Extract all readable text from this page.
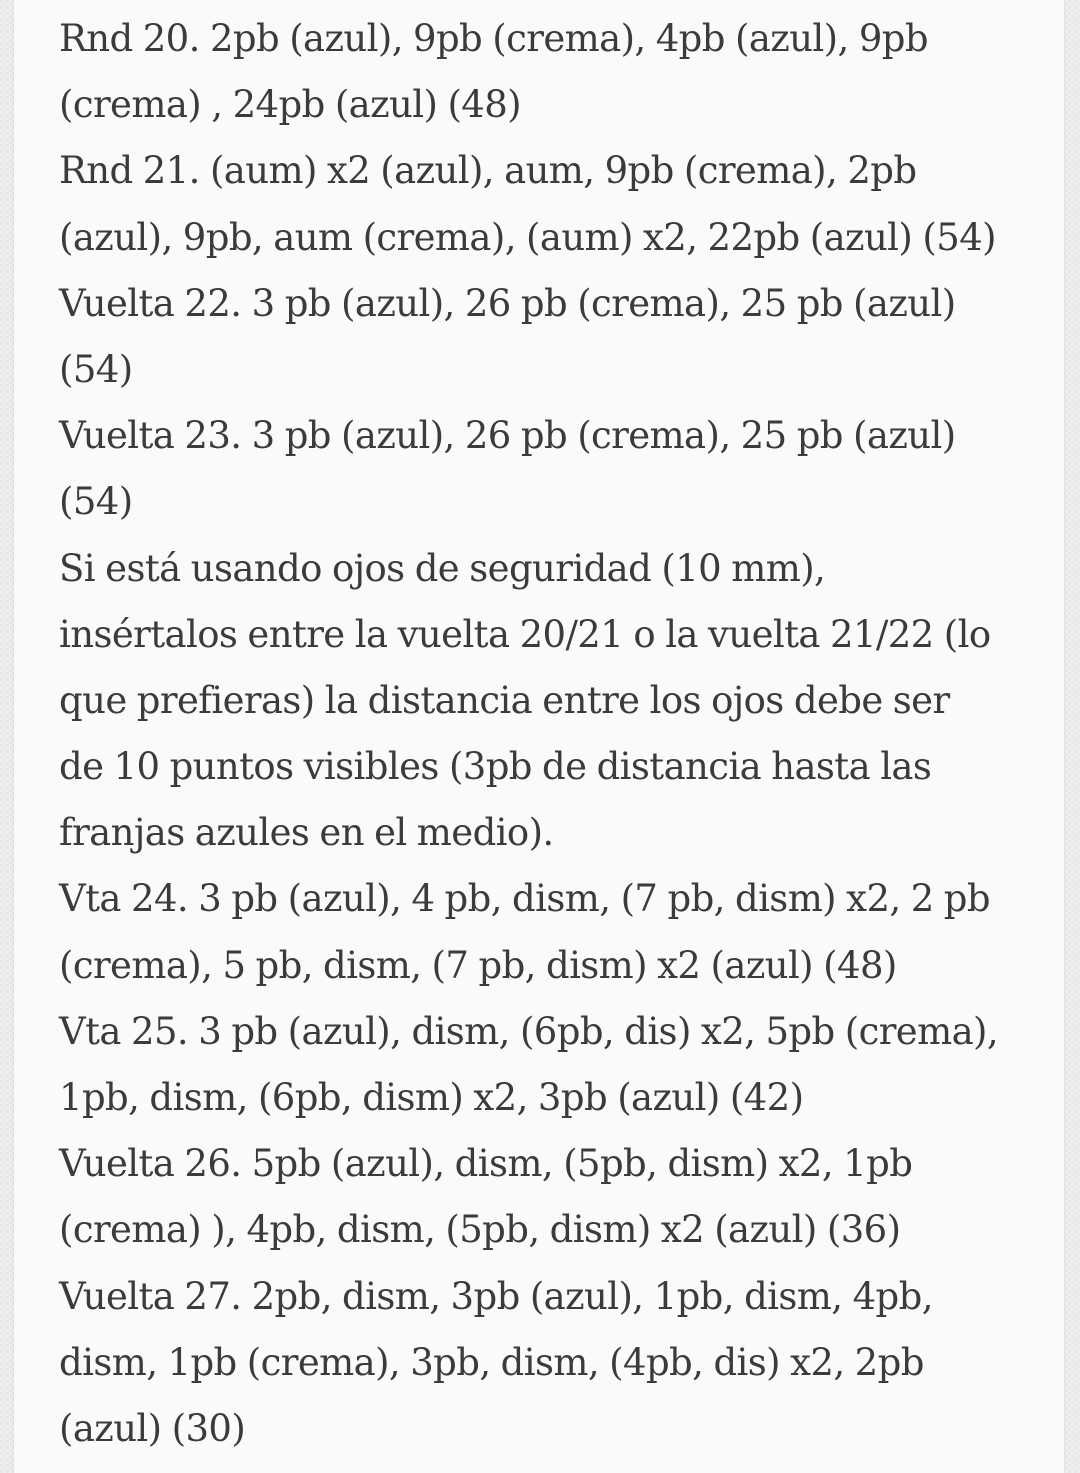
Rnd 20. 2pb (azul), 9pb (crema), 4pb (azul), 9pb
(crema) , 24pb (azul) (48)
Rnd 21. (aum) x2 (azul), aum, 9pb (crema), 2pb
(azul), 9pb, aum (crema), (aum) x2, 22pb (azul) (54)
Vuelta 22. 3 pb (azul), 26 pb (crema), 25 pb (azul)
(54)
Vuelta 23. 3 pb (azul), 26 pb (crema), 25 pb (azul)
(54)
Si está usando ojos de seguridad (10 mm),
insértalos entre la vuelta 20/21 o la vuelta 21/22 (lo
que prefieras) la distancia entre los ojos debe ser
de 10 puntos visibles (3pb de distancia hasta las
franjas azules en el medio).
Vta 24. 3 pb (azul), 4 pb, dism, (7 pb, dism) x2, 2 pb
(crema), 5 pb, dism, (7 pb, dism) x2 (azul) (48)
Vta 25. 3 pb (azul), dism, (6pb, dis) x2, 5pb (crema),
1pb, dism, (6pb, dism) x2, 3pb (azul) (42)
Vuelta 26. 5pb (azul), dism, (5pb, dism) x2, 1pb
(crema) ), 4pb, dism, (5pb, dism) x2 (azul) (36)
Vuelta 27. 2pb, dism, 3pb (azul), 1pb, dism, 4pb,
dism, 1pb (crema), 3pb, dism, (4pb, dis) x2, 2pb
(azul) (30)
